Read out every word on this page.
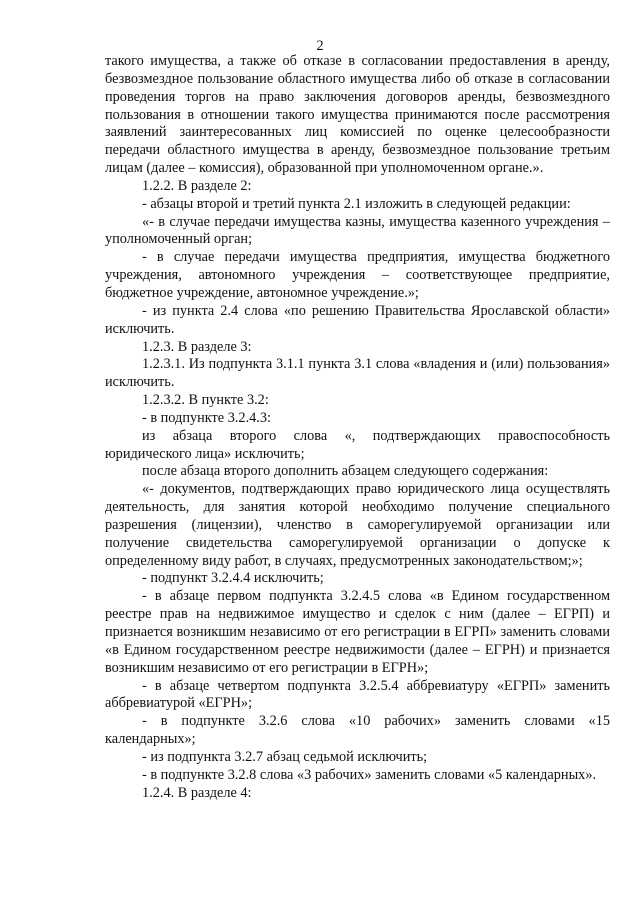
2

такого имущества, а также об отказе в согласовании предоставления в аренду, безвозмездное пользование областного имущества либо об отказе в согласовании проведения торгов на право заключения договоров аренды, безвозмездного пользования в отношении такого имущества принимаются после рассмотрения заявлений заинтересованных лиц комиссией по оценке целесообразности передачи областного имущества в аренду, безвозмездное пользование третьим лицам (далее – комиссия), образованной при уполномоченном органе.».

1.2.2. В разделе 2:

- абзацы второй и третий пункта 2.1 изложить в следующей редакции:

«- в случае передачи имущества казны, имущества казенного учреждения – уполномоченный орган;

- в случае передачи имущества предприятия, имущества бюджетного учреждения, автономного учреждения – соответствующее предприятие, бюджетное учреждение, автономное учреждение.»;

- из пункта 2.4 слова «по решению Правительства Ярославской области» исключить.

1.2.3. В разделе 3:

1.2.3.1. Из подпункта 3.1.1 пункта 3.1 слова «владения и (или) пользования» исключить.

1.2.3.2. В пункте 3.2:

- в подпункте 3.2.4.3:

из абзаца второго слова «, подтверждающих правоспособность юридического лица» исключить;

после абзаца второго дополнить абзацем следующего содержания:

«- документов, подтверждающих право юридического лица осуществлять деятельность, для занятия которой необходимо получение специального разрешения (лицензии), членство в саморегулируемой организации или получение свидетельства саморегулируемой организации о допуске к определенному виду работ, в случаях, предусмотренных законодательством;»;

- подпункт 3.2.4.4 исключить;

- в абзаце первом подпункта 3.2.4.5 слова «в Едином государственном реестре прав на недвижимое имущество и сделок с ним (далее – ЕГРП) и признается возникшим независимо от его регистрации в ЕГРП» заменить словами «в Едином государственном реестре недвижимости (далее – ЕГРН) и признается возникшим независимо от его регистрации в ЕГРН»;

- в абзаце четвертом подпункта 3.2.5.4 аббревиатуру «ЕГРП» заменить аббревиатурой «ЕГРН»;

- в подпункте 3.2.6 слова «10 рабочих» заменить словами «15 календарных»;

- из подпункта 3.2.7 абзац седьмой исключить;

- в подпункте 3.2.8 слова «3 рабочих» заменить словами «5 календарных».

1.2.4. В разделе 4:
